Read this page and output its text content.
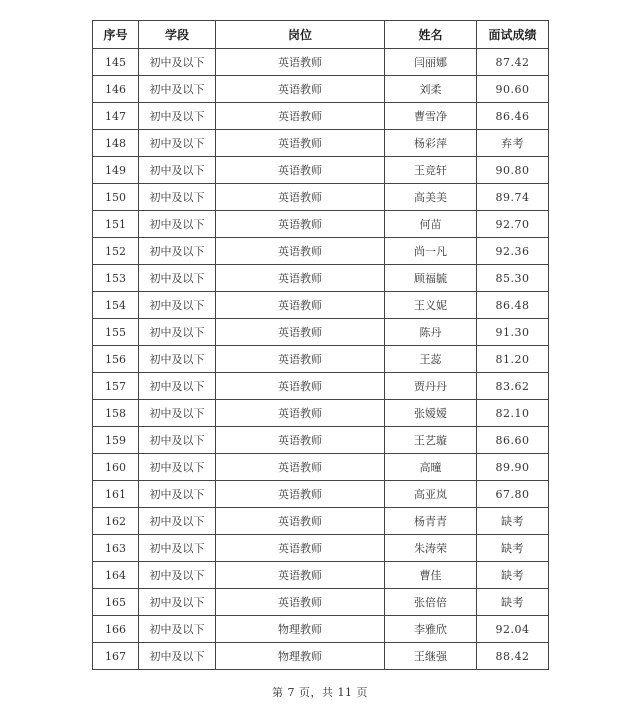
序号	学段	岗位	姓名	面试成绩
145	初中及以下	英语教师	闫丽娜	87.42
146	初中及以下	英语教师	刘柔	90.60
147	初中及以下	英语教师	曹雪净	86.46
148	初中及以下	英语教师	杨彩萍	弃考
149	初中及以下	英语教师	王竞轩	90.80
150	初中及以下	英语教师	高美美	89.74
151	初中及以下	英语教师	何苗	92.70
152	初中及以下	英语教师	尚一凡	92.36
153	初中及以下	英语教师	顾福毓	85.30
154	初中及以下	英语教师	王义妮	86.48
155	初中及以下	英语教师	陈丹	91.30
156	初中及以下	英语教师	王蕊	81.20
157	初中及以下	英语教师	贾丹丹	83.62
158	初中及以下	英语教师	张嫒嫒	82.10
159	初中及以下	英语教师	王艺璇	86.60
160	初中及以下	英语教师	高曈	89.90
161	初中及以下	英语教师	高亚岚	67.80
162	初中及以下	英语教师	杨青青	缺考
163	初中及以下	英语教师	朱涛荣	缺考
164	初中及以下	英语教师	曹佳	缺考
165	初中及以下	英语教师	张倍倍	缺考
166	初中及以下	物理教师	李雅欣	92.04
167	初中及以下	物理教师	王继强	88.42
第 7 页，共 11 页
